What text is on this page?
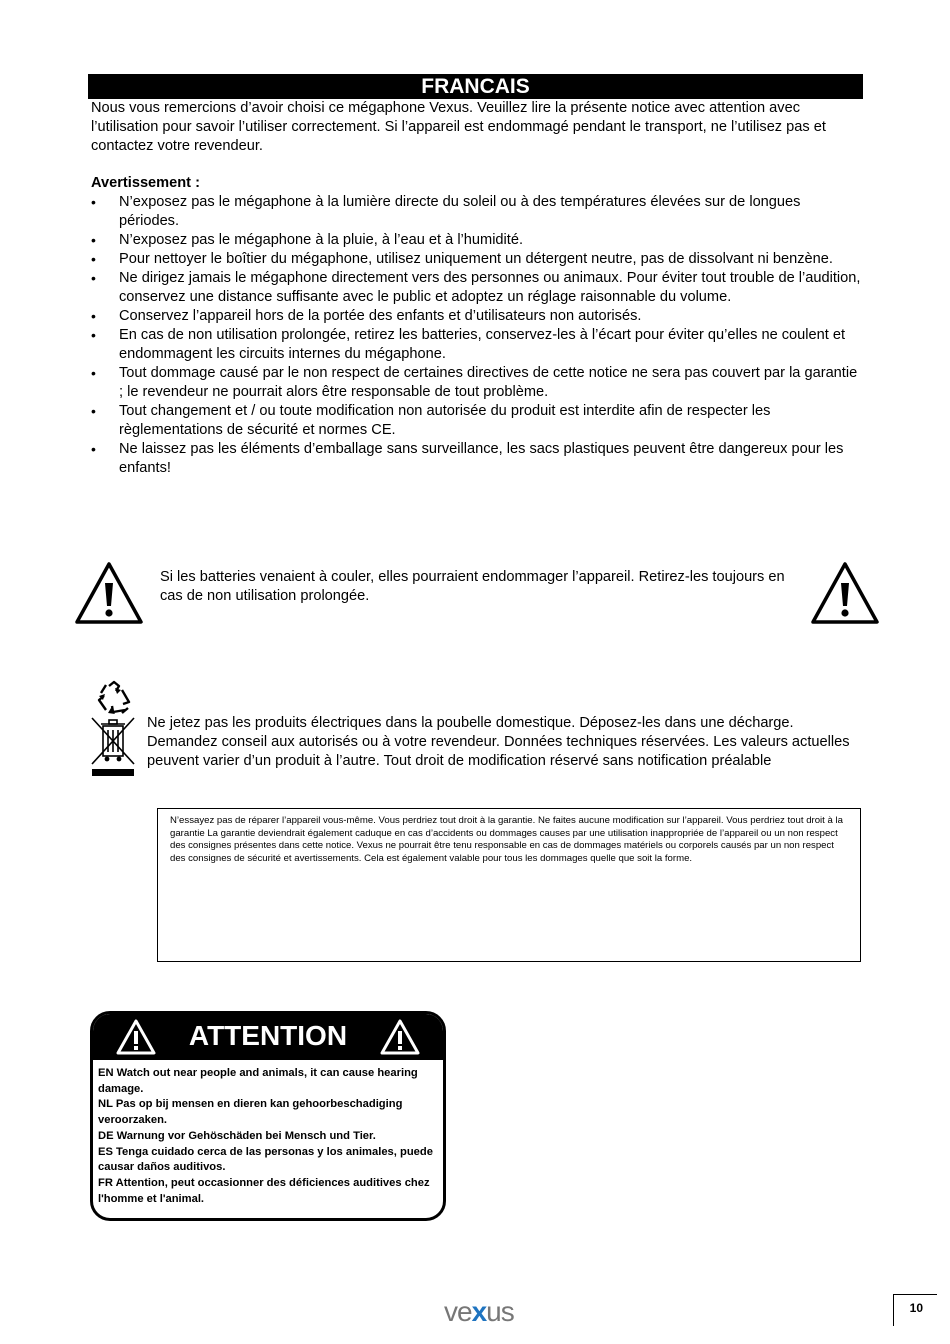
FRANCAIS

Nous vous remercions d’avoir choisi ce mégaphone Vexus. Veuillez lire la présente notice avec attention avec l’utilisation pour savoir l’utiliser correctement. Si l’appareil est endommagé pendant le transport, ne l’utilisez pas et contactez votre revendeur.

Avertissement :

• N’exposez pas le mégaphone à la lumière directe du soleil ou à des températures élevées sur de longues périodes.
• N’exposez pas le mégaphone à la pluie, à l’eau et à l’humidité.
• Pour nettoyer le boîtier du mégaphone, utilisez uniquement un détergent neutre, pas de dissolvant ni benzène.
• Ne dirigez jamais le mégaphone directement vers des personnes ou animaux. Pour éviter tout trouble de l’audition, conservez une distance suffisante avec le public et adoptez un réglage raisonnable du volume.
• Conservez l’appareil hors de la portée des enfants et d’utilisateurs non autorisés.
• En cas de non utilisation prolongée, retirez les batteries, conservez-les à l’écart pour éviter qu’elles ne coulent et endommagent les circuits internes du mégaphone.
• Tout dommage causé par le non respect de certaines directives de cette notice ne sera pas couvert par la garantie ; le revendeur ne pourrait alors être responsable de tout problème.
• Tout changement et / ou toute modification non autorisée du produit est interdite afin de respecter les règlementations de sécurité et normes CE.
• Ne laissez pas les éléments d’emballage sans surveillance, les sacs plastiques peuvent être dangereux pour les enfants!

Si les batteries venaient à couler, elles pourraient endommager l’appareil. Retirez-les toujours en cas de non utilisation prolongée.

Ne jetez pas les produits électriques dans la poubelle domestique. Déposez-les dans une décharge. Demandez conseil aux autorisés ou à votre revendeur. Données techniques réservées. Les valeurs actuelles peuvent varier d’un produit à l’autre. Tout droit de modification réservé sans notification préalable

N’essayez pas de réparer l’appareil vous-même. Vous perdriez tout droit à la garantie. Ne faites aucune modification sur l’appareil. Vous perdriez tout droit à la garantie La garantie deviendrait également caduque en cas d’accidents ou dommages causes par une utilisation inappropriée de l’appareil ou un non respect des consignes présentes dans cette notice. Vexus ne pourrait être tenu responsable en cas de dommages matériels ou corporels causés par un non respect des consignes de sécurité et avertissements. Cela est également valable pour tous les dommages quelle que soit la forme.

ATTENTION

EN Watch out near people and animals, it can cause hearing damage.

NL Pas op bij mensen en dieren kan gehoorbeschadiging veroorzaken.

DE Warnung vor Gehöschäden bei Mensch und Tier.

ES Tenga cuidado cerca de las personas y los animales, puede causar daños auditivos.

FR Attention, peut occasionner des déficiences auditives chez l'homme et l'animal.

vexus	10
